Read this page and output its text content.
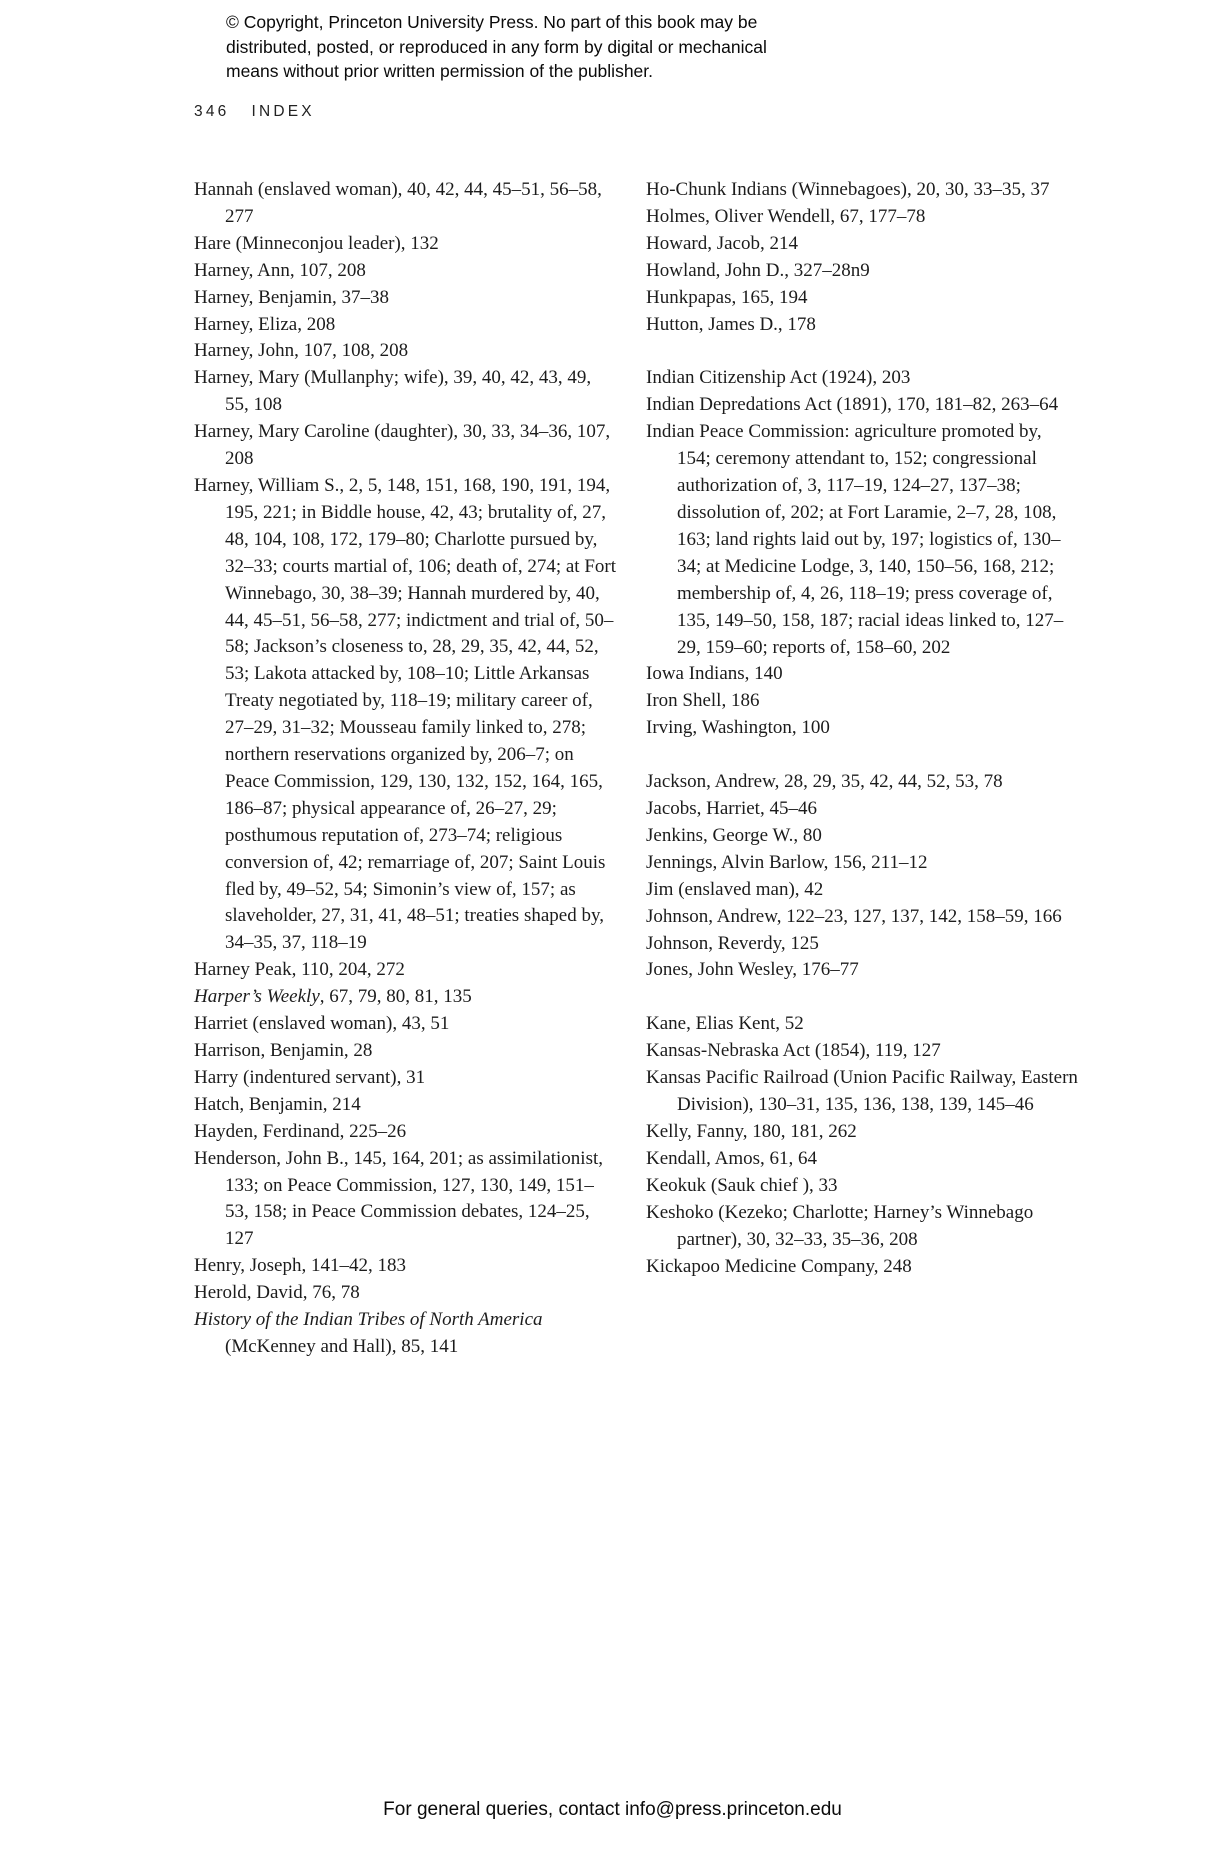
© Copyright, Princeton University Press. No part of this book may be
distributed, posted, or reproduced in any form by digital or mechanical
means without prior written permission of the publisher.
346 INDEX
Hannah (enslaved woman), 40, 42, 44, 45–51, 56–58, 277
Hare (Minneconjou leader), 132
Harney, Ann, 107, 208
Harney, Benjamin, 37–38
Harney, Eliza, 208
Harney, John, 107, 108, 208
Harney, Mary (Mullanphy; wife), 39, 40, 42, 43, 49, 55, 108
Harney, Mary Caroline (daughter), 30, 33, 34–36, 107, 208
Harney, William S., 2, 5, 148, 151, 168, 190, 191, 194, 195, 221; in Biddle house, 42, 43; brutality of, 27, 48, 104, 108, 172, 179–80; Charlotte pursued by, 32–33; courts martial of, 106; death of, 274; at Fort Winnebago, 30, 38–39; Hannah murdered by, 40, 44, 45–51, 56–58, 277; indictment and trial of, 50–58; Jackson’s closeness to, 28, 29, 35, 42, 44, 52, 53; Lakota attacked by, 108–10; Little Arkansas Treaty negotiated by, 118–19; military career of, 27–29, 31–32; Mousseau family linked to, 278; northern reservations organized by, 206–7; on Peace Commission, 129, 130, 132, 152, 164, 165, 186–87; physical appearance of, 26–27, 29; posthumous reputation of, 273–74; religious conversion of, 42; remarriage of, 207; Saint Louis fled by, 49–52, 54; Simonin’s view of, 157; as slaveholder, 27, 31, 41, 48–51; treaties shaped by, 34–35, 37, 118–19
Harney Peak, 110, 204, 272
Harper’s Weekly, 67, 79, 80, 81, 135
Harriet (enslaved woman), 43, 51
Harrison, Benjamin, 28
Harry (indentured servant), 31
Hatch, Benjamin, 214
Hayden, Ferdinand, 225–26
Henderson, John B., 145, 164, 201; as assimilationist, 133; on Peace Commission, 127, 130, 149, 151–53, 158; in Peace Commission debates, 124–25, 127
Henry, Joseph, 141–42, 183
Herold, David, 76, 78
History of the Indian Tribes of North America (McKenney and Hall), 85, 141
Ho-Chunk Indians (Winnebagoes), 20, 30, 33–35, 37
Holmes, Oliver Wendell, 67, 177–78
Howard, Jacob, 214
Howland, John D., 327–28n9
Hunkpapas, 165, 194
Hutton, James D., 178
Indian Citizenship Act (1924), 203
Indian Depredations Act (1891), 170, 181–82, 263–64
Indian Peace Commission: agriculture promoted by, 154; ceremony attendant to, 152; congressional authorization of, 3, 117–19, 124–27, 137–38; dissolution of, 202; at Fort Laramie, 2–7, 28, 108, 163; land rights laid out by, 197; logistics of, 130–34; at Medicine Lodge, 3, 140, 150–56, 168, 212; membership of, 4, 26, 118–19; press coverage of, 135, 149–50, 158, 187; racial ideas linked to, 127–29, 159–60; reports of, 158–60, 202
Iowa Indians, 140
Iron Shell, 186
Irving, Washington, 100
Jackson, Andrew, 28, 29, 35, 42, 44, 52, 53, 78
Jacobs, Harriet, 45–46
Jenkins, George W., 80
Jennings, Alvin Barlow, 156, 211–12
Jim (enslaved man), 42
Johnson, Andrew, 122–23, 127, 137, 142, 158–59, 166
Johnson, Reverdy, 125
Jones, John Wesley, 176–77
Kane, Elias Kent, 52
Kansas-Nebraska Act (1854), 119, 127
Kansas Pacific Railroad (Union Pacific Railway, Eastern Division), 130–31, 135, 136, 138, 139, 145–46
Kelly, Fanny, 180, 181, 262
Kendall, Amos, 61, 64
Keokuk (Sauk chief ), 33
Keshoko (Kezeko; Charlotte; Harney’s Winnebago partner), 30, 32–33, 35–36, 208
Kickapoo Medicine Company, 248
For general queries, contact info@press.princeton.edu
